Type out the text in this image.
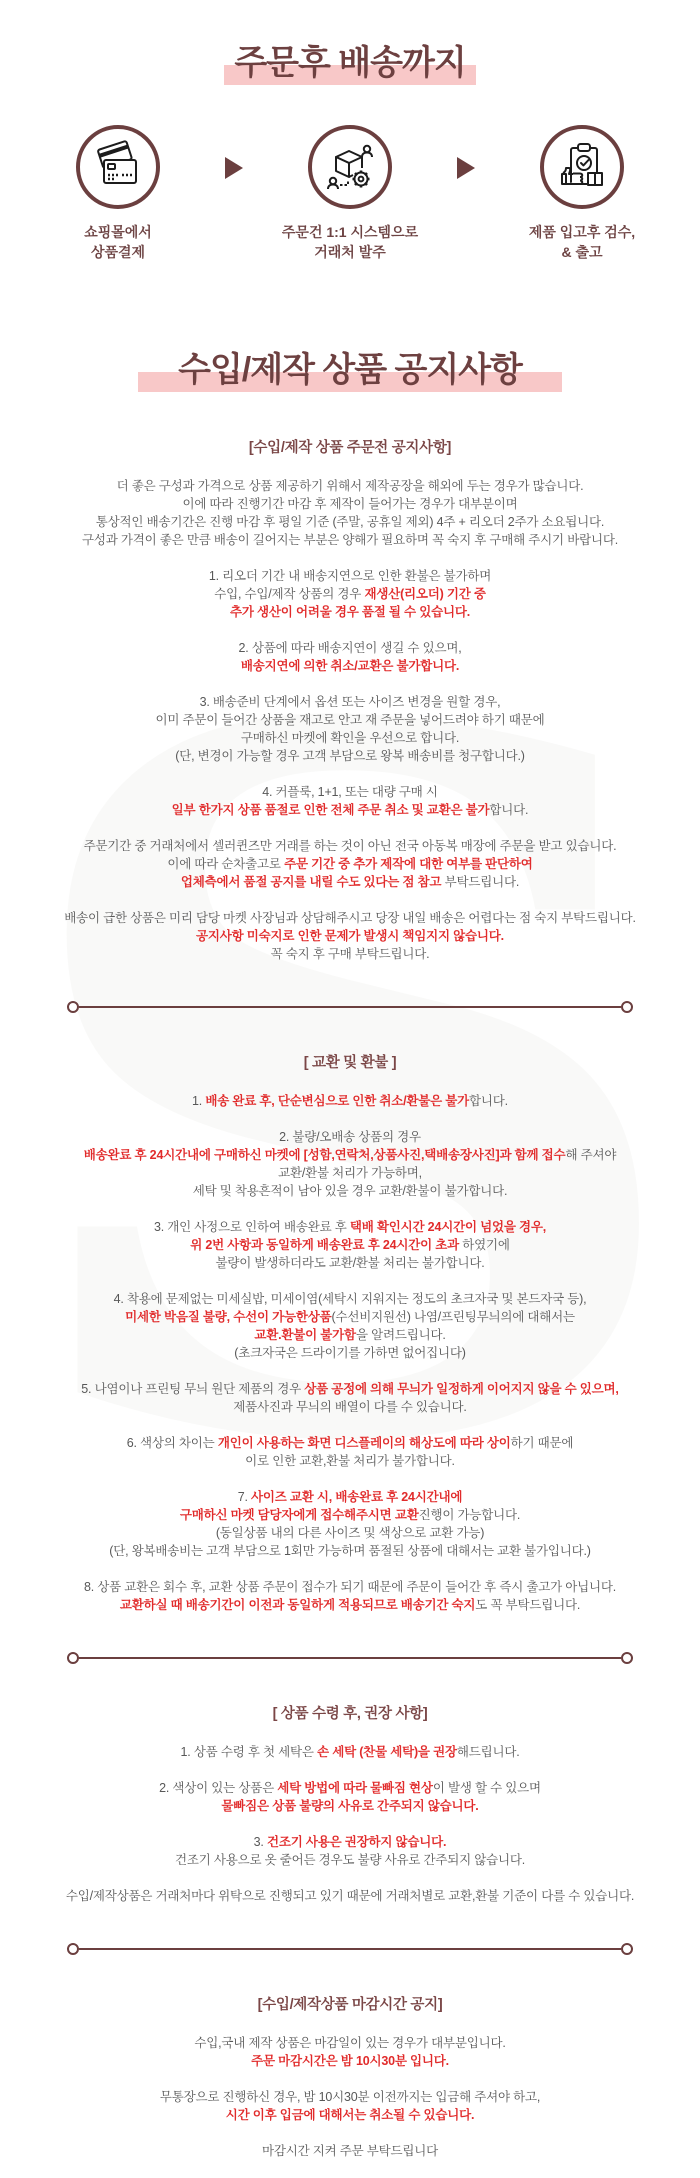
주문후 배송까지
쇼핑몰에서
상품결제
주문건 1:1 시스템으로
거래처 발주
제품 입고후 검수,
& 출고
수입/제작 상품 공지사항
[수입/제작 상품 주문전 공지사항]
더 좋은 구성과 가격으로 상품 제공하기 위해서 제작공장을 해외에 두는 경우가 많습니다.
이에 따라 진행기간 마감 후 제작이 들어가는 경우가 대부분이며
통상적인 배송기간은 진행 마감 후 평일 기준 (주말, 공휴일 제외) 4주 + 리오더 2주가 소요됩니다.
구성과 가격이 좋은 만큼 배송이 길어지는 부분은 양해가 필요하며 꼭 숙지 후 구매해 주시기 바랍니다.
1. 리오더 기간 내 배송지연으로 인한 환불은 불가하며
수입, 수입/제작 상품의 경우 재생산(리오더) 기간 중
추가 생산이 어려울 경우 품절 될 수 있습니다.
2. 상품에 따라 배송지연이 생길 수 있으며,
배송지연에 의한 취소/교환은 불가합니다.
3. 배송준비 단계에서 옵션 또는 사이즈 변경을 원할 경우,
이미 주문이 들어간 상품을 재고로 안고 재 주문을 넣어드려야 하기 때문에
구매하신 마켓에 확인을 우선으로 합니다.
(단, 변경이 가능할 경우 고객 부담으로 왕복 배송비를 청구합니다.)
4. 커플룩, 1+1, 또는 대량 구매 시
일부 한가지 상품 품절로 인한 전체 주문 취소 및 교환은 불가합니다.
주문기간 중 거래처에서 셀러퀸즈만 거래를 하는 것이 아닌 전국 아동복 매장에 주문을 받고 있습니다.
이에 따라 순차출고로 주문 기간 중 추가 제작에 대한 여부를 판단하여
업체측에서 품절 공지를 내릴 수도 있다는 점 참고 부탁드립니다.
배송이 급한 상품은 미리 담당 마켓 사장님과 상담해주시고 당장 내일 배송은 어렵다는 점 숙지 부탁드립니다.
공지사항 미숙지로 인한 문제가 발생시 책임지지 않습니다.
꼭 숙지 후 구매 부탁드립니다.
[ 교환 및 환불 ]
1. 배송 완료 후, 단순변심으로 인한 취소/환불은 불가합니다.
2. 불량/오배송 상품의 경우
배송완료 후 24시간내에 구매하신 마켓에 [성함,연락처,상품사진,택배송장사진]과 함께 접수해 주셔야
교환/환불 처리가 가능하며,
세탁 및 착용흔적이 남아 있을 경우 교환/환불이 불가합니다.
3. 개인 사정으로 인하여 배송완료 후 택배 확인시간 24시간이 넘었을 경우,
위 2번 사항과 동일하게 배송완료 후 24시간이 초과 하였기에
불량이 발생하더라도 교환/환불 처리는 불가합니다.
4. 착용에 문제없는 미세실밥, 미세이염(세탁시 지워지는 정도의 초크자국 및 본드자국 등),
미세한 박음질 불량, 수선이 가능한상품(수선비지원선) 나염/프린팅무늬의에 대해서는
교환.환불이 불가함을 알려드립니다.
(초크자국은 드라이기를 가하면 없어집니다)
5. 나염이나 프린팅 무늬 원단 제품의 경우 상품 공정에 의해 무늬가 일정하게 이어지지 않을 수 있으며,
제품사진과 무늬의 배열이 다를 수 있습니다.
6. 색상의 차이는 개인이 사용하는 화면 디스플레이의 해상도에 따라 상이하기 때문에
이로 인한 교환,환불 처리가 불가합니다.
7. 사이즈 교환 시, 배송완료 후 24시간내에
구매하신 마켓 담당자에게 접수해주시면 교환진행이 가능합니다.
(동일상품 내의 다른 사이즈 및 색상으로 교환 가능)
(단, 왕복배송비는 고객 부담으로 1회만 가능하며 품절된 상품에 대해서는 교환 불가입니다.)
8. 상품 교환은 회수 후, 교환 상품 주문이 접수가 되기 때문에 주문이 들어간 후 즉시 출고가 아닙니다.
교환하실 때 배송기간이 이전과 동일하게 적용되므로 배송기간 숙지도 꼭 부탁드립니다.
[ 상품 수령 후, 권장 사항]
1. 상품 수령 후 첫 세탁은 손 세탁 (찬물 세탁)을 권장해드립니다.
2. 색상이 있는 상품은 세탁 방법에 따라 물빠짐 현상이 발생 할 수 있으며
물빠짐은 상품 불량의 사유로 간주되지 않습니다.
3. 건조기 사용은 권장하지 않습니다.
건조기 사용으로 옷 줄어든 경우도 불량 사유로 간주되지 않습니다.
수입/제작상품은 거래처마다 위탁으로 진행되고 있기 때문에 거래처별로 교환,환불 기준이 다를 수 있습니다.
[수입/제작상품 마감시간 공지]
수입,국내 제작 상품은 마감일이 있는 경우가 대부분입니다.
주문 마감시간은 밤 10시30분 입니다.
무통장으로 진행하신 경우, 밤 10시30분 이전까지는 입금해 주셔야 하고,
시간 이후 입금에 대해서는 취소될 수 있습니다.
마감시간 지켜 주문 부탁드립니다
